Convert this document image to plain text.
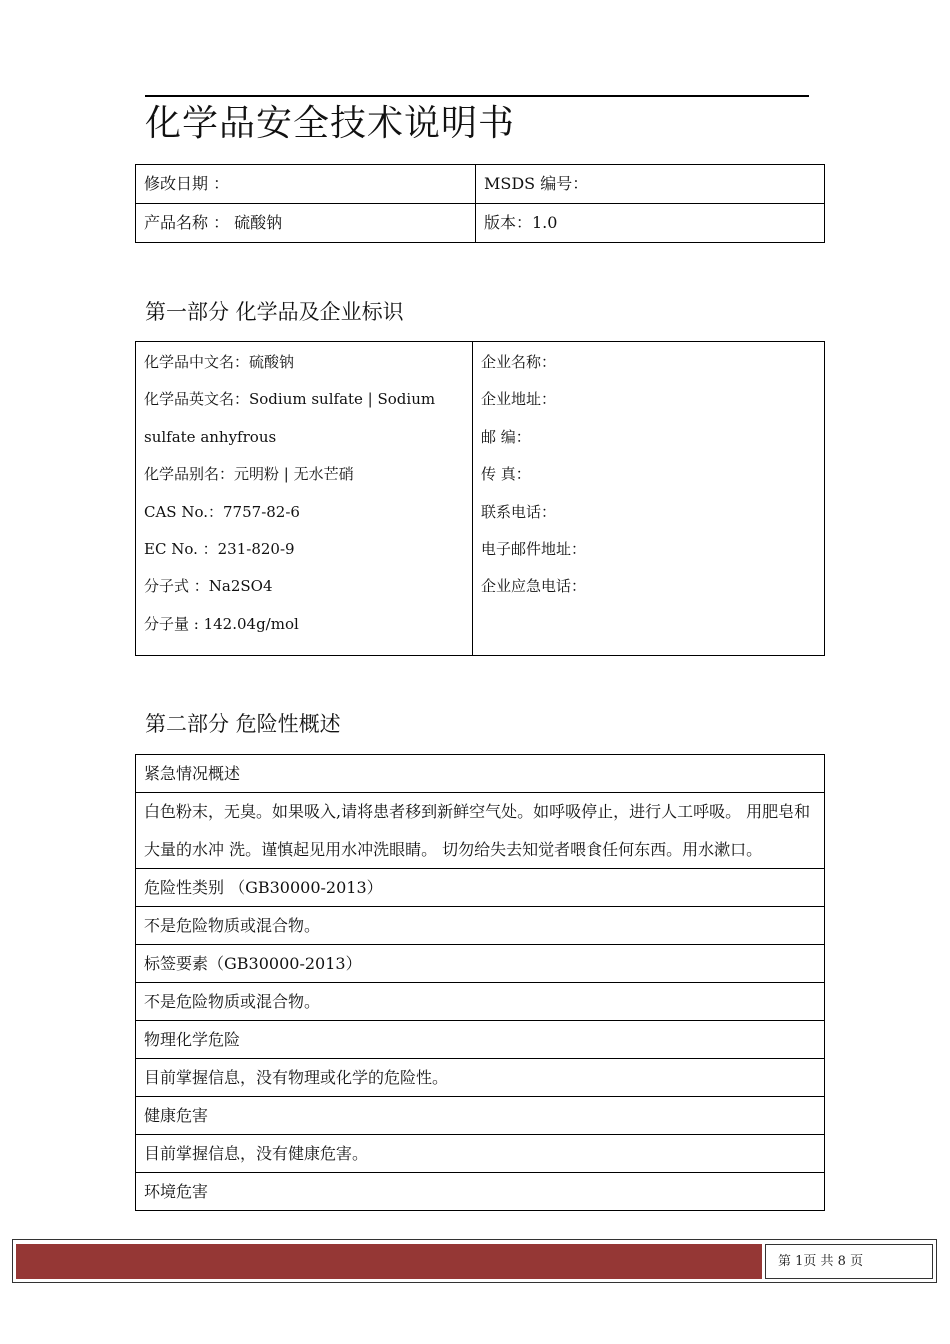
化学品安全技术说明书
修改日期 ：	MSDS 编号：
产品名称 ： 硫酸钠	版本：1.0
第一部分 化学品及企业标识
化学品中文名：硫酸钠
化学品英文名：Sodium sulfate | Sodium
sulfate anhyfrous
化学品别名：元明粉 | 无水芒硝
CAS No.：7757-82-6
EC No. ：231-820-9
分子式 ：Na2SO4
分子量 : 142.04g/mol

企业名称：
企业地址：
邮 编：
传 真：
联系电话：
电子邮件地址：
企业应急电话：
第二部分 危险性概述
紧急情况概述
白色粉末，无臭。如果吸入,请将患者移到新鲜空气处。如呼吸停止，进行人工呼吸。 用肥皂和大量的水冲 洗。谨慎起见用水冲洗眼睛。 切勿给失去知觉者喂食任何东西。用水漱口。
危险性类别 （GB30000-2013）
不是危险物质或混合物。
标签要素（GB30000-2013）
不是危险物质或混合物。
物理化学危险
目前掌握信息，没有物理或化学的危险性。
健康危害
目前掌握信息，没有健康危害。
环境危害
第 1页 共 8 页
